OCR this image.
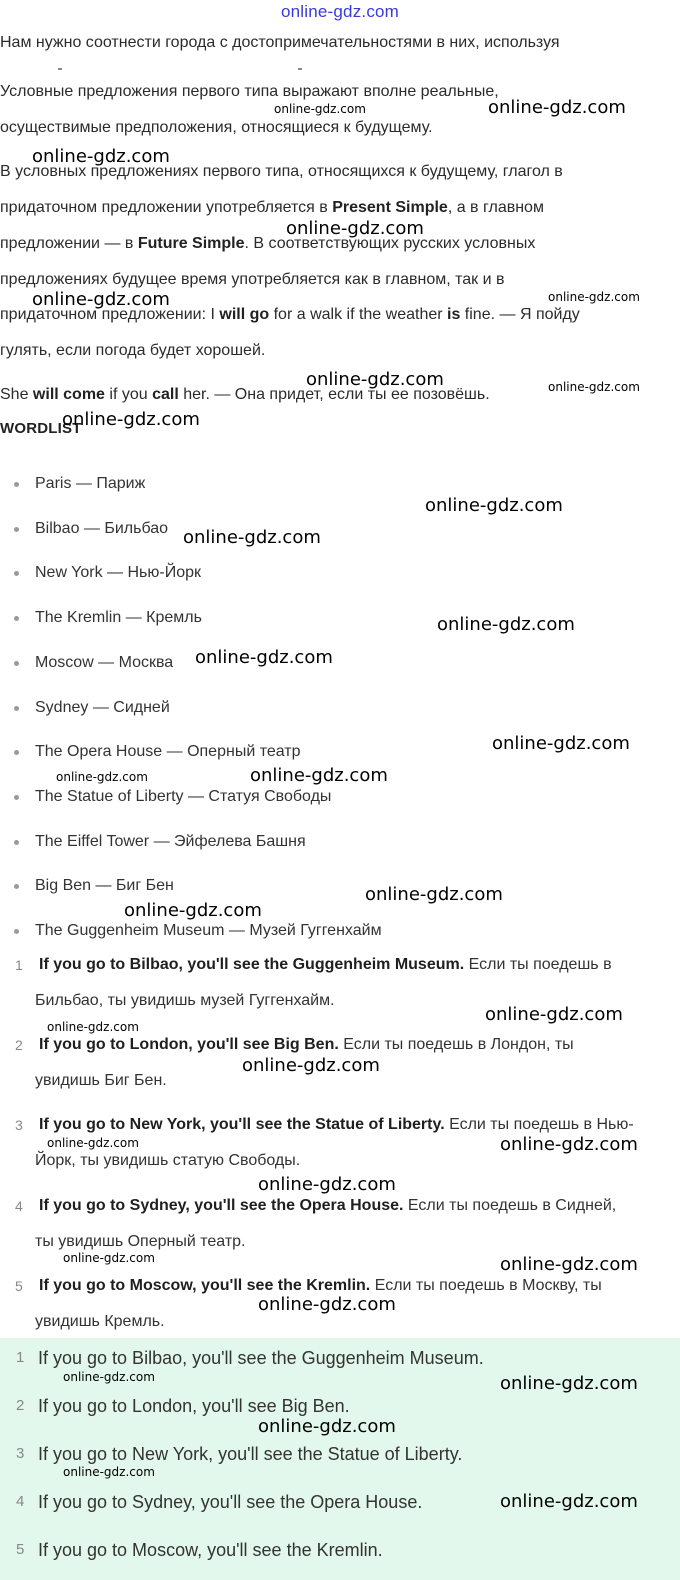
online-gdz.com
Нам нужно соотнести города с достопримечательностями в них, используя
Условные предложения первого типа выражают вполне реальные,
осуществимые предположения, относящиеся к будущему.
В условных предложениях первого типа, относящихся к будущему, глагол в
придаточном предложении употребляется в Present Simple, а в главном
предложении — в Future Simple. В соответствующих русских условных
предложениях будущее время употребляется как в главном, так и в
придаточном предложении: I will go for a walk if the weather is fine. — Я пойду
гулять, если погода будет хорошей.
She will come if you call her. — Она придет, если ты ее позовёшь.
WORDLIST
Paris — Париж
Bilbao — Бильбао
New York — Нью-Йорк
The Kremlin — Кремль
Moscow — Москва
Sydney — Сидней
The Opera House — Оперный театр
The Statue of Liberty — Статуя Свободы
The Eiffel Tower — Эйфелева Башня
Big Ben — Биг Бен
The Guggenheim Museum — Музей Гуггенхайм
1 If you go to Bilbao, you'll see the Guggenheim Museum. Если ты поедешь в
Бильбао, ты увидишь музей Гуггенхайм.
2 If you go to London, you'll see Big Ben. Если ты поедешь в Лондон, ты
увидишь Биг Бен.
3 If you go to New York, you'll see the Statue of Liberty. Если ты поедешь в Нью-
Йорк, ты увидишь статую Свободы.
4 If you go to Sydney, you'll see the Opera House. Если ты поедешь в Сидней,
ты увидишь Оперный театр.
5 If you go to Moscow, you'll see the Kremlin. Если ты поедешь в Москву, ты
увидишь Кремль.
1 If you go to Bilbao, you'll see the Guggenheim Museum.
2 If you go to London, you'll see Big Ben.
3 If you go to New York, you'll see the Statue of Liberty.
4 If you go to Sydney, you'll see the Opera House.
5 If you go to Moscow, you'll see the Kremlin.
online-gdz.com	online-gdz.com
online-gdz.com
online-gdz.com
online-gdz.com	online-gdz.com
online-gdz.com	online-gdz.com
online-gdz.com
online-gdz.com
online-gdz.com
online-gdz.com
online-gdz.com
online-gdz.com
online-gdz.com	online-gdz.com
online-gdz.com
online-gdz.com
online-gdz.com
online-gdz.com
online-gdz.com
online-gdz.com	online-gdz.com
online-gdz.com
online-gdz.com	online-gdz.com
online-gdz.com
online-gdz.com	online-gdz.com
online-gdz.com
online-gdz.com
online-gdz.com
